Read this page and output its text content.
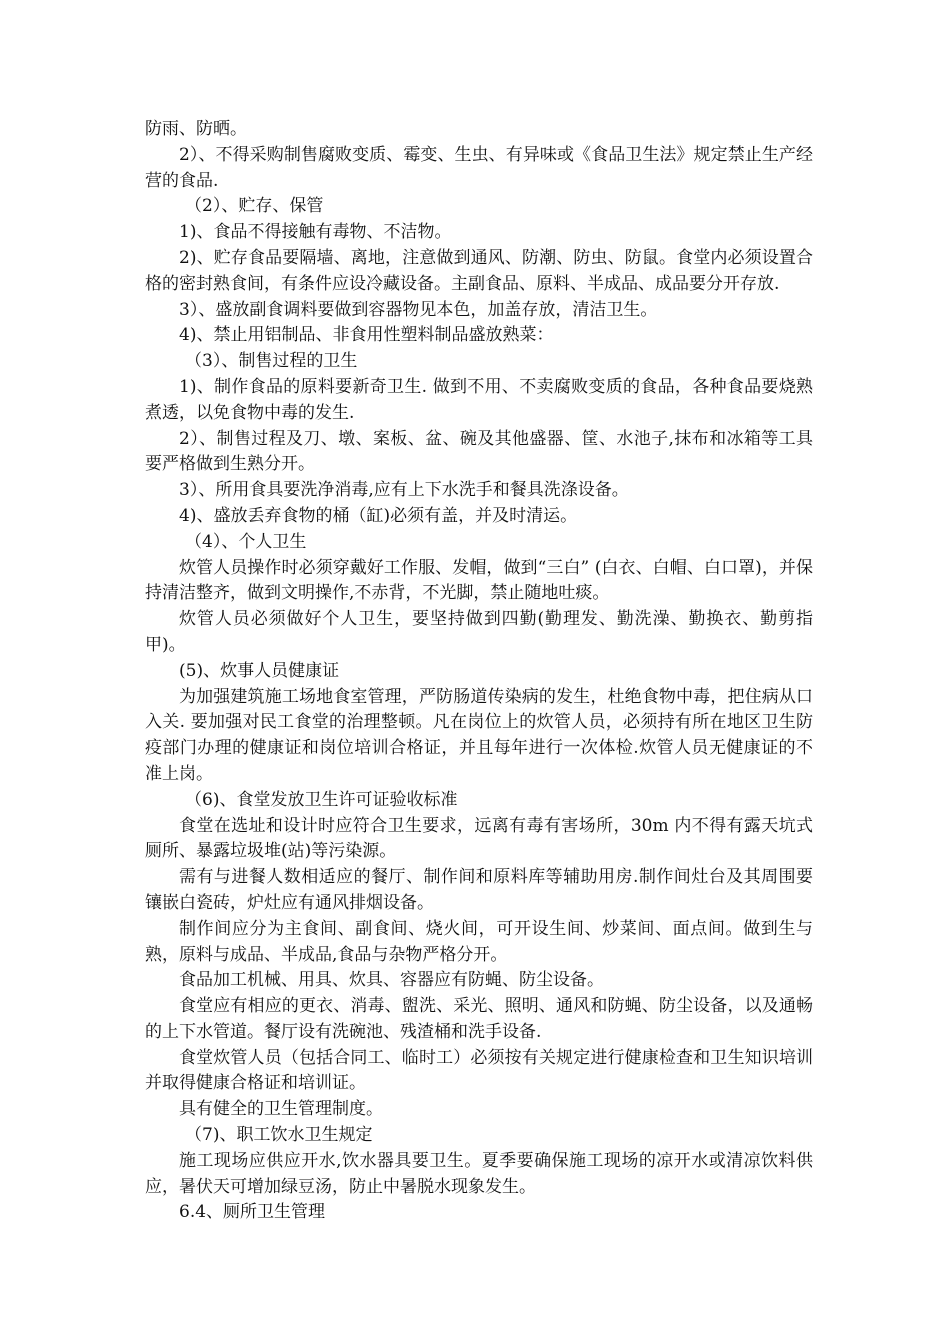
防雨、防晒。

2）、不得采购制售腐败变质、霉变、生虫、有异味或《食品卫生法》规定禁止生产经营的食品.

（2）、贮存、保管

1)、食品不得接触有毒物、不洁物。

2)、贮存食品要隔墙、离地，注意做到通风、防潮、防虫、防鼠。食堂内必须设置合格的密封熟食间，有条件应设冷藏设备。主副食品、原料、半成品、成品要分开存放.

3）、盛放副食调料要做到容器物见本色，加盖存放，清洁卫生。

4)、禁止用铝制品、非食用性塑料制品盛放熟菜：

（3）、制售过程的卫生

1)、制作食品的原料要新奇卫生. 做到不用、不卖腐败变质的食品，各种食品要烧熟煮透，以免食物中毒的发生.

2）、制售过程及刀、墩、案板、盆、碗及其他盛器、筐、水池子,抹布和冰箱等工具要严格做到生熟分开。

3）、所用食具要洗净消毒,应有上下水洗手和餐具洗涤设备。

4)、盛放丢弃食物的桶（缸)必须有盖，并及时清运。

（4）、个人卫生

炊管人员操作时必须穿戴好工作服、发帽，做到“三白” (白衣、白帽、白口罩)，并保持清洁整齐，做到文明操作,不赤背，不光脚，禁止随地吐痰。

炊管人员必须做好个人卫生，要坚持做到四勤(勤理发、勤洗澡、勤换衣、勤剪指甲)。

(5)、炊事人员健康证

为加强建筑施工场地食室管理，严防肠道传染病的发生，杜绝食物中毒，把住病从口入关. 要加强对民工食堂的治理整顿。凡在岗位上的炊管人员，必须持有所在地区卫生防疫部门办理的健康证和岗位培训合格证，并且每年进行一次体检.炊管人员无健康证的不准上岗。

（6)、食堂发放卫生许可证验收标准

食堂在选址和设计时应符合卫生要求，远离有毒有害场所，30m 内不得有露天坑式厕所、暴露垃圾堆(站)等污染源。

需有与进餐人数相适应的餐厅、制作间和原料库等辅助用房.制作间灶台及其周围要镶嵌白瓷砖，炉灶应有通风排烟设备。

制作间应分为主食间、副食间、烧火间，可开设生间、炒菜间、面点间。做到生与熟，原料与成品、半成品,食品与杂物严格分开。

食品加工机械、用具、炊具、容器应有防蝇、防尘设备。

食堂应有相应的更衣、消毒、盥洗、采光、照明、通风和防蝇、防尘设备，以及通畅的上下水管道。餐厅设有洗碗池、残渣桶和洗手设备.

食堂炊管人员（包括合同工、临时工）必须按有关规定进行健康检查和卫生知识培训并取得健康合格证和培训证。

具有健全的卫生管理制度。

（7)、职工饮水卫生规定

施工现场应供应开水,饮水器具要卫生。夏季要确保施工现场的凉开水或清凉饮料供应，暑伏天可增加绿豆汤，防止中暑脱水现象发生。

6.4、厕所卫生管理
